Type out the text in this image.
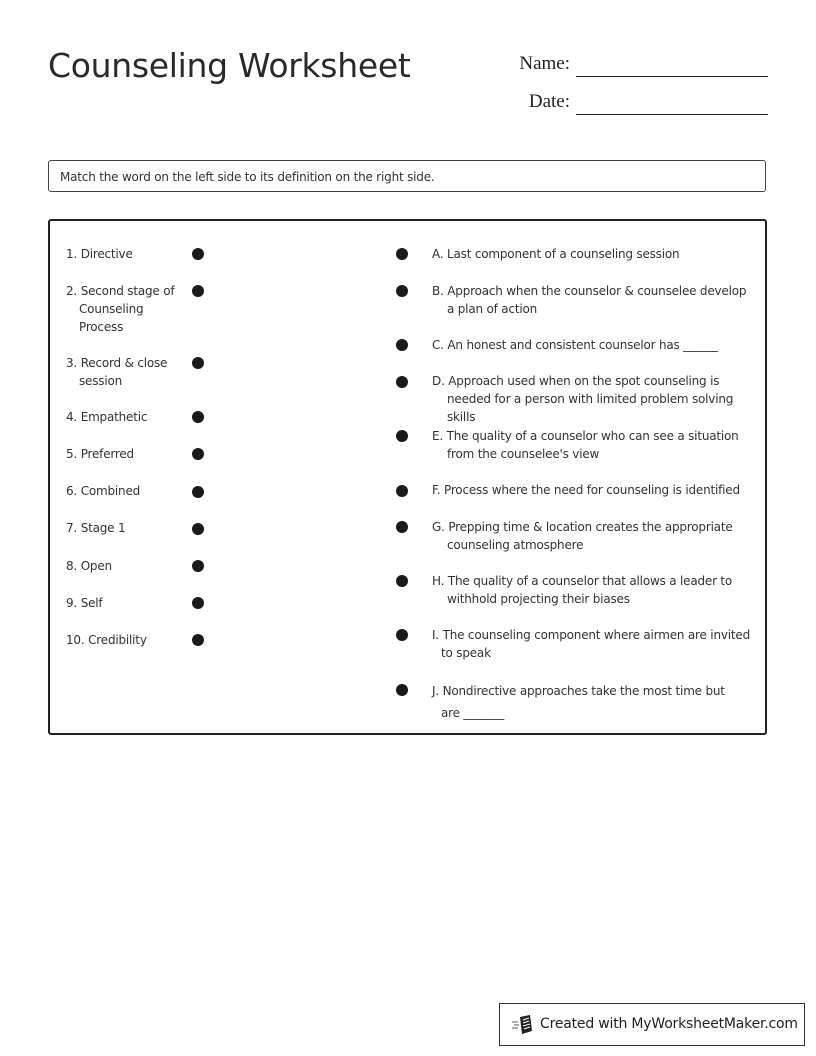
Counseling Worksheet	Name:
Date:
Match the word on the left side to its definition on the right side.
1. Directive
2. Second stage of Counseling Process
3. Record & close session
4. Empathetic
5. Preferred
6. Combined
7. Stage 1
8. Open
9. Self
10. Credibility
A. Last component of a counseling session
B. Approach when the counselor & counselee develop a plan of action
C. An honest and consistent counselor has ______
D. Approach used when on the spot counseling is needed for a person with limited problem solving skills
E. The quality of a counselor who can see a situation from the counselee's view
F. Process where the need for counseling is identified
G. Prepping time & location creates the appropriate counseling atmosphere
H. The quality of a counselor that allows a leader to withhold projecting their biases
I. The counseling component where airmen are invited to speak
J. Nondirective approaches take the most time but are _______
Created with MyWorksheetMaker.com
